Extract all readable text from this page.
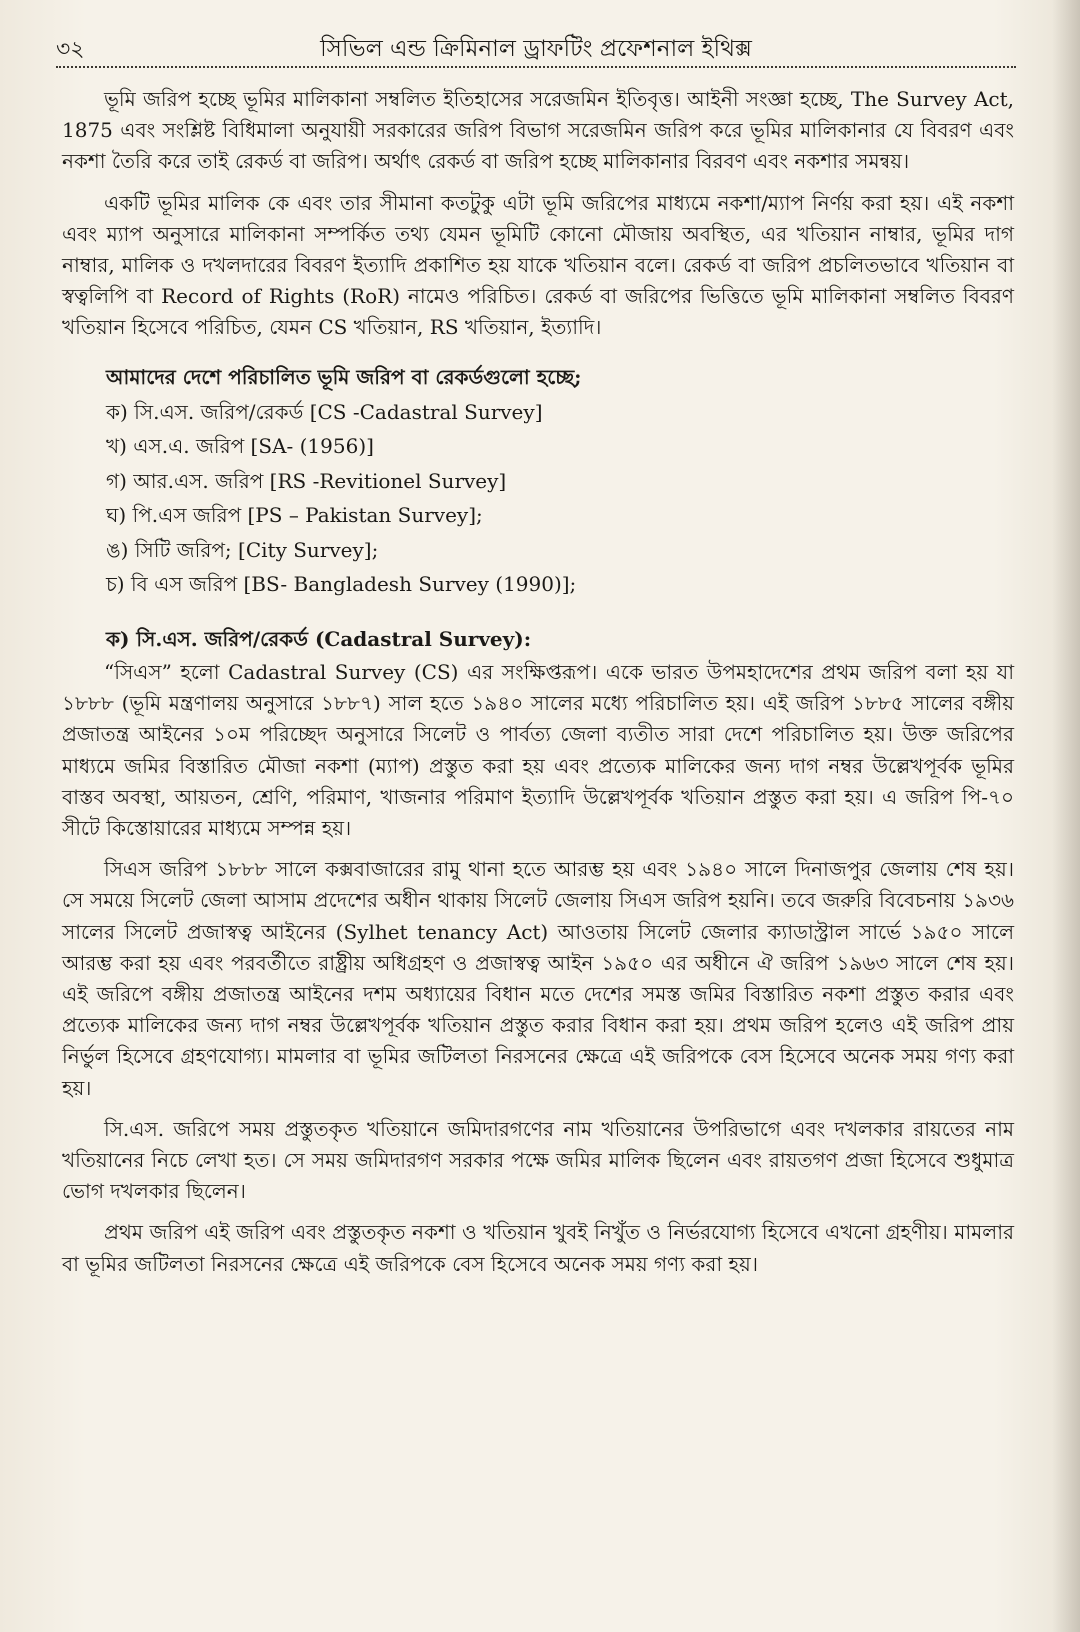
৩২	সিভিল এন্ড ক্রিমিনাল ড্রাফটিং প্রফেশনাল ইথিক্স

ভূমি জরিপ হচ্ছে ভূমির মালিকানা সম্বলিত ইতিহাসের সরেজমিন ইতিবৃত্ত। আইনী সংজ্ঞা হচ্ছে, The Survey Act, 1875 এবং সংশ্লিষ্ট বিধিমালা অনুযায়ী সরকারের জরিপ বিভাগ সরেজমিন জরিপ করে ভূমির মালিকানার যে বিবরণ এবং নকশা তৈরি করে তাই রেকর্ড বা জরিপ। অর্থাৎ রেকর্ড বা জরিপ হচ্ছে মালিকানার বিরবণ এবং নকশার সমন্বয়।

একটি ভূমির মালিক কে এবং তার সীমানা কতটুকু এটা ভূমি জরিপের মাধ্যমে নকশা/ম্যাপ নির্ণয় করা হয়। এই নকশা এবং ম্যাপ অনুসারে মালিকানা সম্পর্কিত তথ্য যেমন ভূমিটি কোনো মৌজায় অবস্থিত, এর খতিয়ান নাম্বার, ভূমির দাগ নাম্বার, মালিক ও দখলদারের বিবরণ ইত্যাদি প্রকাশিত হয় যাকে খতিয়ান বলে। রেকর্ড বা জরিপ প্রচলিতভাবে খতিয়ান বা স্বত্বলিপি বা Record of Rights (RoR) নামেও পরিচিত। রেকর্ড বা জরিপের ভিত্তিতে ভূমি মালিকানা সম্বলিত বিবরণ খতিয়ান হিসেবে পরিচিত, যেমন CS খতিয়ান, RS খতিয়ান, ইত্যাদি।

আমাদের দেশে পরিচালিত ভূমি জরিপ বা রেকর্ডগুলো হচ্ছে;

ক) সি.এস. জরিপ/রেকর্ড [CS -Cadastral Survey]
খ) এস.এ. জরিপ [SA- (1956)]
গ) আর.এস. জরিপ [RS -Revitionel Survey]
ঘ) পি.এস জরিপ [PS – Pakistan Survey];
ঙ) সিটি জরিপ; [City Survey];
চ) বি এস জরিপ [BS- Bangladesh Survey (1990)];

ক) সি.এস. জরিপ/রেকর্ড (Cadastral Survey):

“সিএস” হলো Cadastral Survey (CS) এর সংক্ষিপ্তরূপ। একে ভারত উপমহাদেশের প্রথম জরিপ বলা হয় যা ১৮৮৮ (ভূমি মন্ত্রণালয় অনুসারে ১৮৮৭) সাল হতে ১৯৪০ সালের মধ্যে পরিচালিত হয়। এই জরিপ ১৮৮৫ সালের বঙ্গীয় প্রজাতন্ত্র আইনের ১০ম পরিচ্ছেদ অনুসারে সিলেট ও পার্বত্য জেলা ব্যতীত সারা দেশে পরিচালিত হয়। উক্ত জরিপের মাধ্যমে জমির বিস্তারিত মৌজা নকশা (ম্যাপ) প্রস্তুত করা হয় এবং প্রত্যেক মালিকের জন্য দাগ নম্বর উল্লেখপূর্বক ভূমির বাস্তব অবস্থা, আয়তন, শ্রেণি, পরিমাণ, খাজনার পরিমাণ ইত্যাদি উল্লেখপূর্বক খতিয়ান প্রস্তুত করা হয়। এ জরিপ পি-৭০ সীটে কিস্তোয়ারের মাধ্যমে সম্পন্ন হয়।

সিএস জরিপ ১৮৮৮ সালে কক্সবাজারের রামু থানা হতে আরম্ভ হয় এবং ১৯৪০ সালে দিনাজপুর জেলায় শেষ হয়। সে সময়ে সিলেট জেলা আসাম প্রদেশের অধীন থাকায় সিলেট জেলায় সিএস জরিপ হয়নি। তবে জরুরি বিবেচনায় ১৯৩৬ সালের সিলেট প্রজাস্বত্ব আইনের (Sylhet tenancy Act) আওতায় সিলেট জেলার ক্যাডাস্ট্রাল সার্ভে ১৯৫০ সালে আরম্ভ করা হয় এবং পরবর্তীতে রাষ্ট্রীয় অধিগ্রহণ ও প্রজাস্বত্ব আইন ১৯৫০ এর অধীনে ঐ জরিপ ১৯৬৩ সালে শেষ হয়। এই জরিপে বঙ্গীয় প্রজাতন্ত্র আইনের দশম অধ্যায়ের বিধান মতে দেশের সমস্ত জমির বিস্তারিত নকশা প্রস্তুত করার এবং প্রত্যেক মালিকের জন্য দাগ নম্বর উল্লেখপূর্বক খতিয়ান প্রস্তুত করার বিধান করা হয়। প্রথম জরিপ হলেও এই জরিপ প্রায় নির্ভুল হিসেবে গ্রহণযোগ্য। মামলার বা ভূমির জটিলতা নিরসনের ক্ষেত্রে এই জরিপকে বেস হিসেবে অনেক সময় গণ্য করা হয়।

সি.এস. জরিপে সময় প্রস্তুতকৃত খতিয়ানে জমিদারগণের নাম খতিয়ানের উপরিভাগে এবং দখলকার রায়তের নাম খতিয়ানের নিচে লেখা হত। সে সময় জমিদারগণ সরকার পক্ষে জমির মালিক ছিলেন এবং রায়তগণ প্রজা হিসেবে শুধুমাত্র ভোগ দখলকার ছিলেন।

প্রথম জরিপ এই জরিপ এবং প্রস্তুতকৃত নকশা ও খতিয়ান খুবই নিখুঁত ও নির্ভরযোগ্য হিসেবে এখনো গ্রহণীয়। মামলার বা ভূমির জটিলতা নিরসনের ক্ষেত্রে এই জরিপকে বেস হিসেবে অনেক সময় গণ্য করা হয়।
